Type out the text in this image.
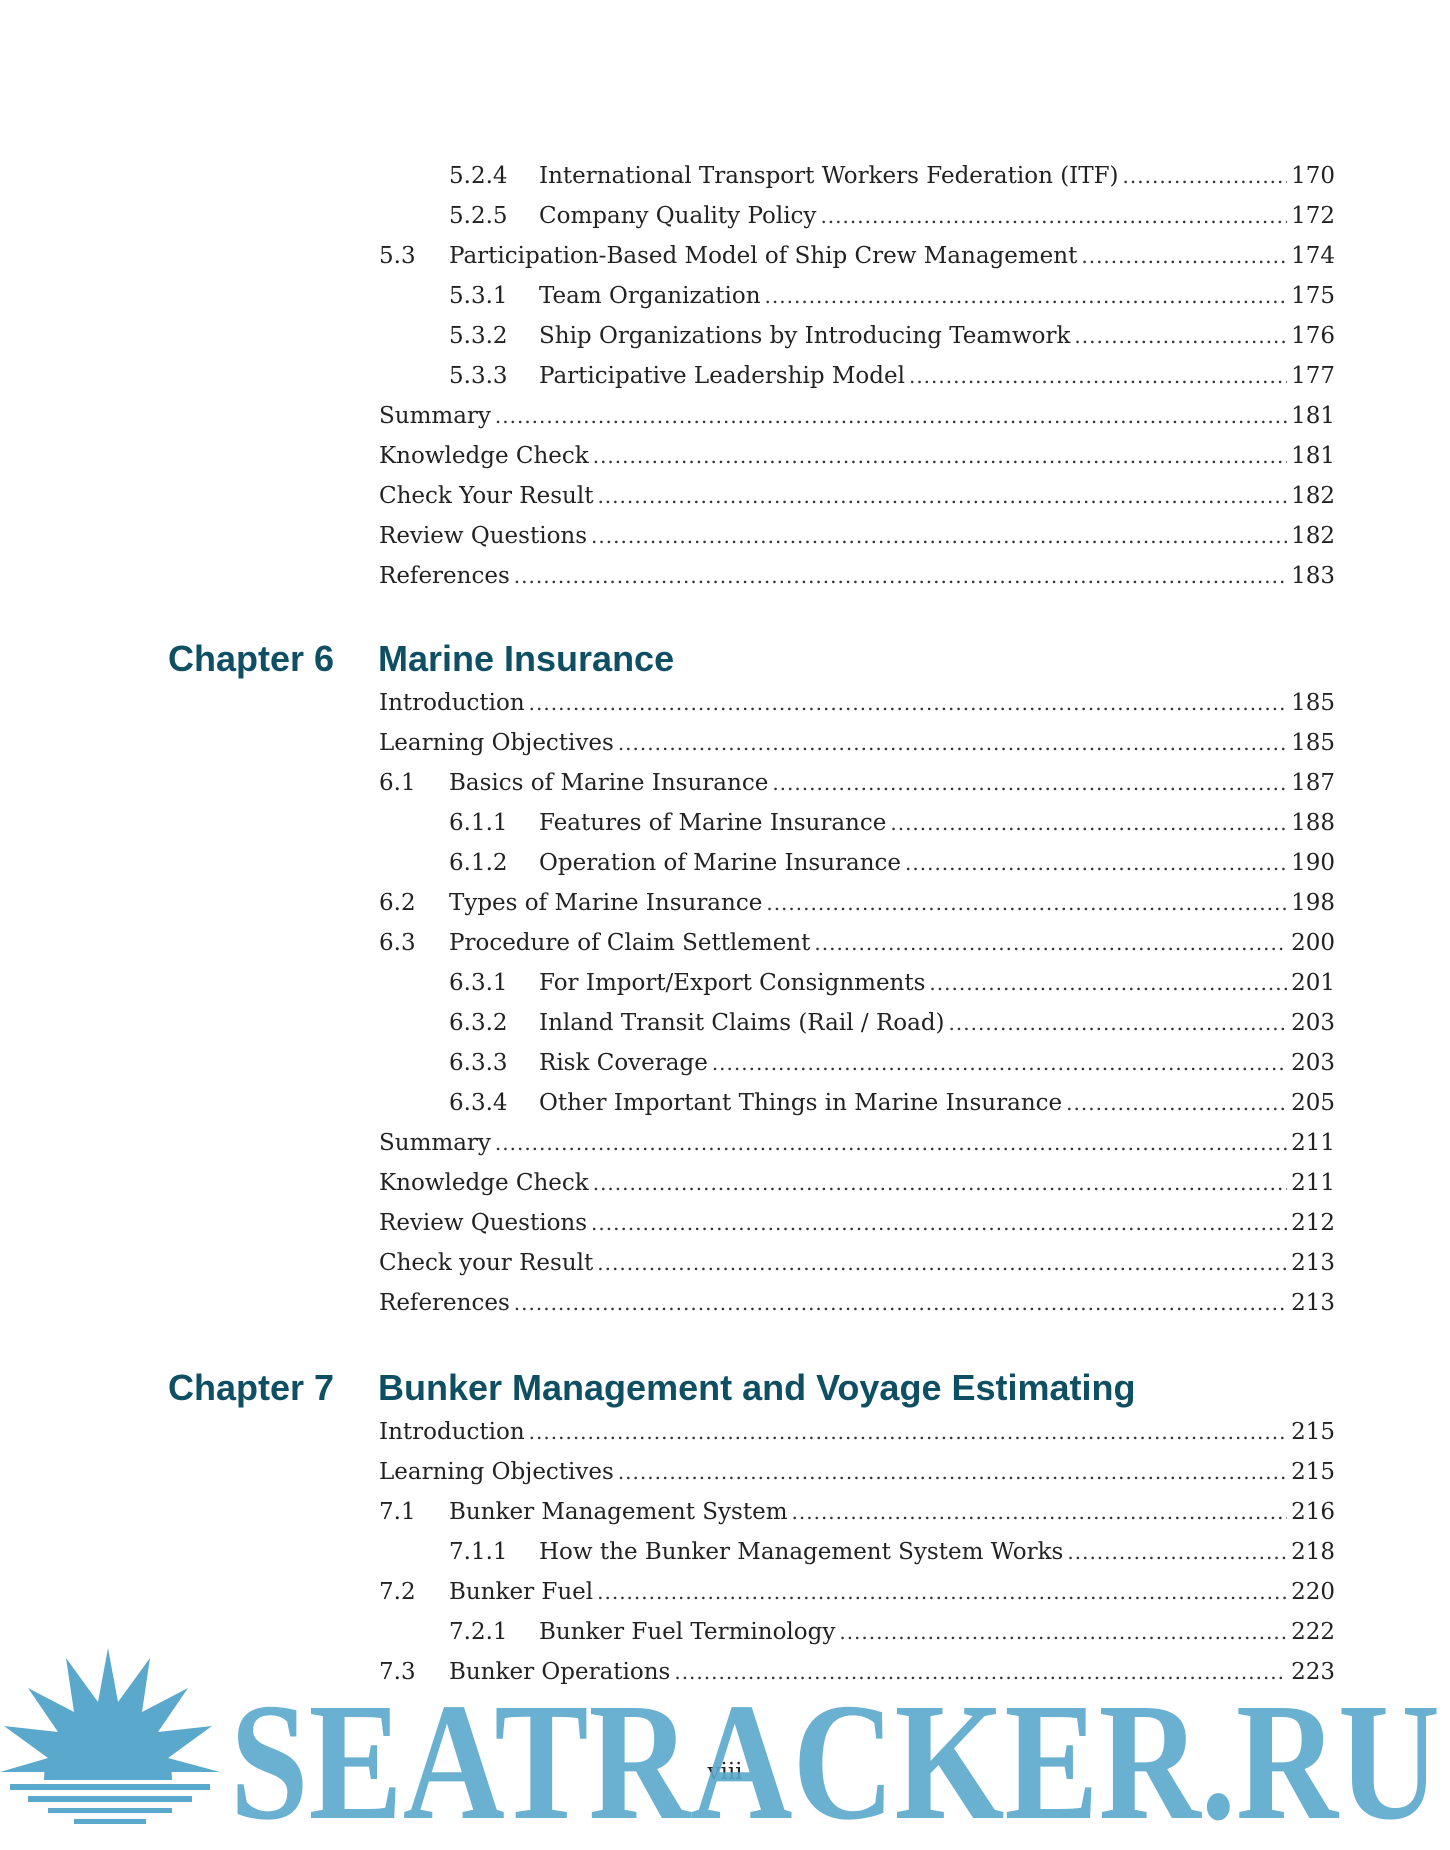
5.2.4 International Transport Workers Federation (ITF) .....	170
5.2.5 Company Quality Policy .....	172
5.3 Participation-Based Model of Ship Crew Management .....	174
5.3.1 Team Organization .....	175
5.3.2 Ship Organizations by Introducing Teamwork .....	176
5.3.3 Participative Leadership Model .....	177
Summary .....	181
Knowledge Check .....	181
Check Your Result .....	182
Review Questions .....	182
References .....	183
Chapter 6 Marine Insurance
Introduction .....	185
Learning Objectives .....	185
6.1 Basics of Marine Insurance .....	187
6.1.1 Features of Marine Insurance .....	188
6.1.2 Operation of Marine Insurance .....	190
6.2 Types of Marine Insurance .....	198
6.3 Procedure of Claim Settlement .....	200
6.3.1 For Import/Export Consignments .....	201
6.3.2 Inland Transit Claims (Rail / Road) .....	203
6.3.3 Risk Coverage .....	203
6.3.4 Other Important Things in Marine Insurance .....	205
Summary .....	211
Knowledge Check .....	211
Review Questions .....	212
Check your Result .....	213
References .....	213
Chapter 7 Bunker Management and Voyage Estimating
Introduction .....	215
Learning Objectives .....	215
7.1 Bunker Management System .....	216
7.1.1 How the Bunker Management System Works .....	218
7.2 Bunker Fuel .....	220
7.2.1 Bunker Fuel Terminology .....	222
7.3 Bunker Operations .....	223
viii
SEATRACKER.RU
